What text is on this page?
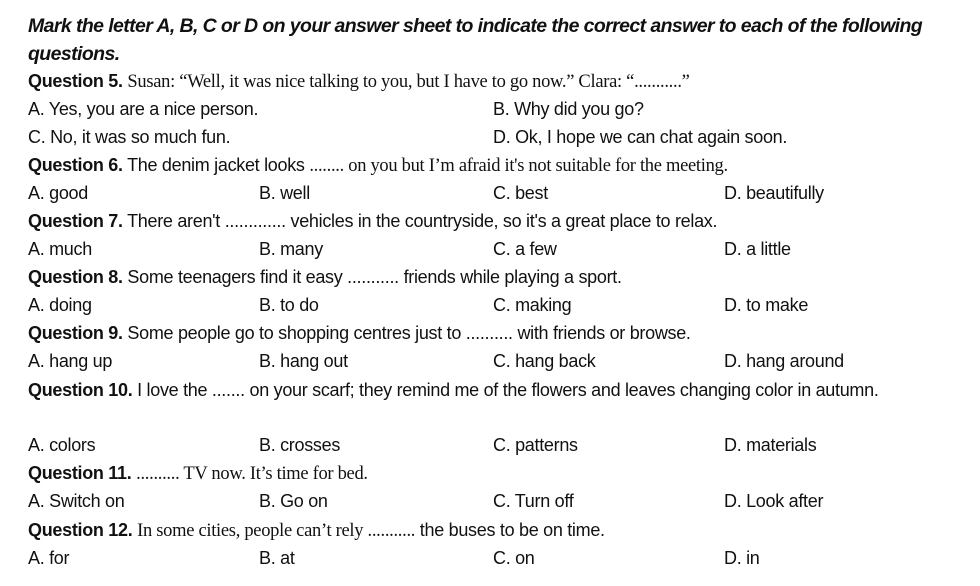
Mark the letter A, B, C or D on your answer sheet to indicate the correct answer to each of the following questions.
Question 5. Susan: “Well, it was nice talking to you, but I have to go now.” Clara: “...........”
A. Yes, you are a nice person.	B. Why did you go?
C. No, it was so much fun.	D. Ok, I hope we can chat again soon.
Question 6. The denim jacket looks ........ on you but I’m afraid it's not suitable for the meeting.
A. good	B. well	C. best	D. beautifully
Question 7. There aren't ............. vehicles in the countryside, so it's a great place to relax.
A. much	B. many	C. a few	D. a little
Question 8. Some teenagers find it easy ........... friends while playing a sport.
A. doing	B. to do	C. making	D. to make
Question 9. Some people go to shopping centres just to .......... with friends or browse.
A. hang up	B. hang out	C. hang back	D. hang around
Question 10. I love the ....... on your scarf; they remind me of the flowers and leaves changing color in autumn.
A. colors	B. crosses	C. patterns	D. materials
Question 11. .......... TV now. It’s time for bed.
A. Switch on	B. Go on	C. Turn off	D. Look after
Question 12. In some cities, people can’t rely ........... the buses to be on time.
A. for	B. at	C. on	D. in
